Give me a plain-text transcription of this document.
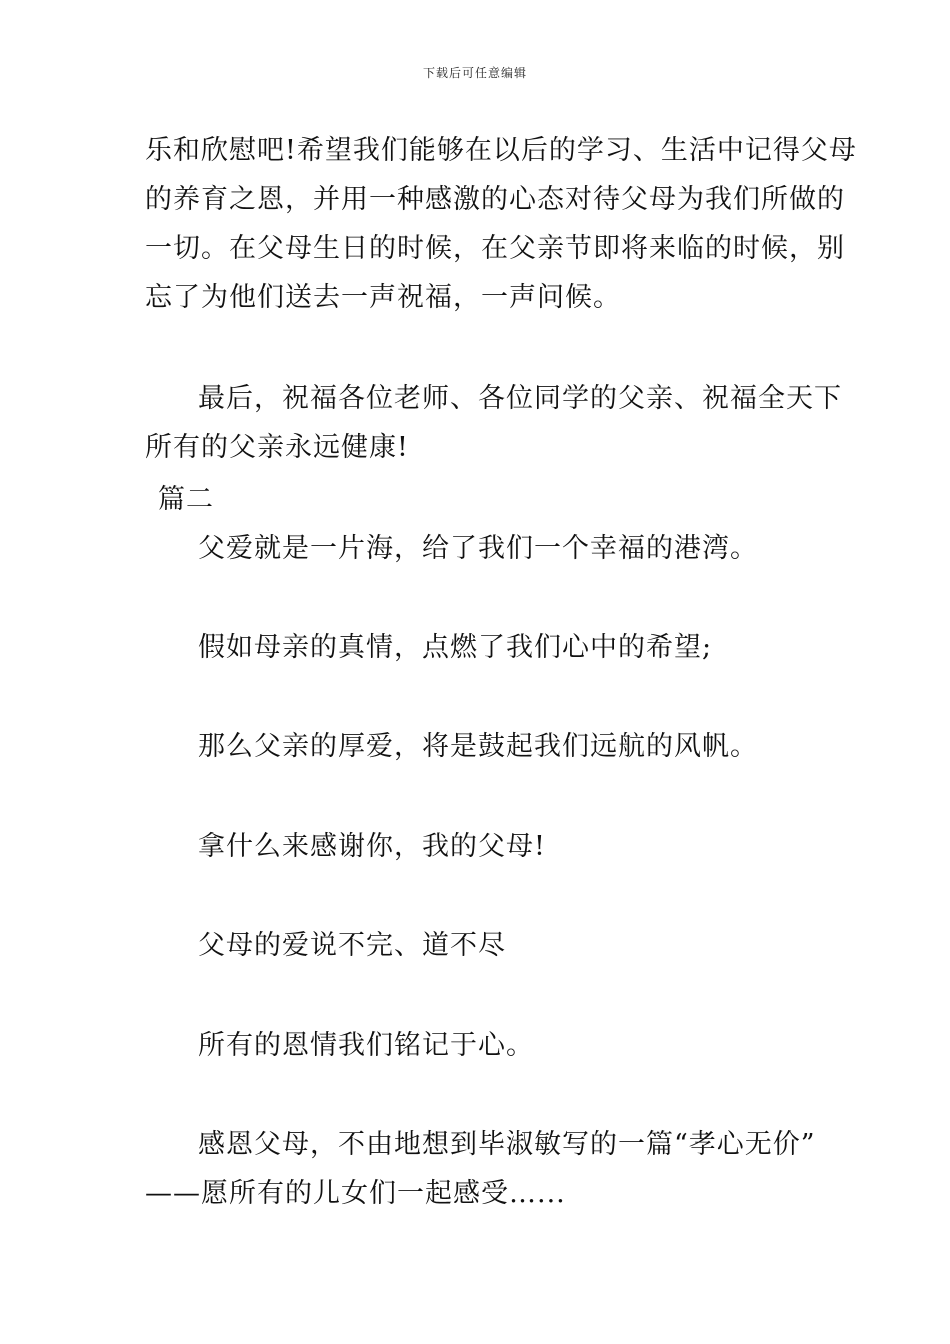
下载后可任意编辑
乐和欣慰吧!希望我们能够在以后的学习、生活中记得父母
的养育之恩，并用一种感激的心态对待父母为我们所做的
一切。在父母生日的时候，在父亲节即将来临的时候，别
忘了为他们送去一声祝福，一声问候。
最后，祝福各位老师、各位同学的父亲、祝福全天下
所有的父亲永远健康!
篇二
父爱就是一片海，给了我们一个幸福的港湾。
假如母亲的真情，点燃了我们心中的希望;
那么父亲的厚爱，将是鼓起我们远航的风帆。
拿什么来感谢你，我的父母!
父母的爱说不完、道不尽
所有的恩情我们铭记于心。
感恩父母，不由地想到毕淑敏写的一篇“孝心无价”
——愿所有的儿女们一起感受…...
